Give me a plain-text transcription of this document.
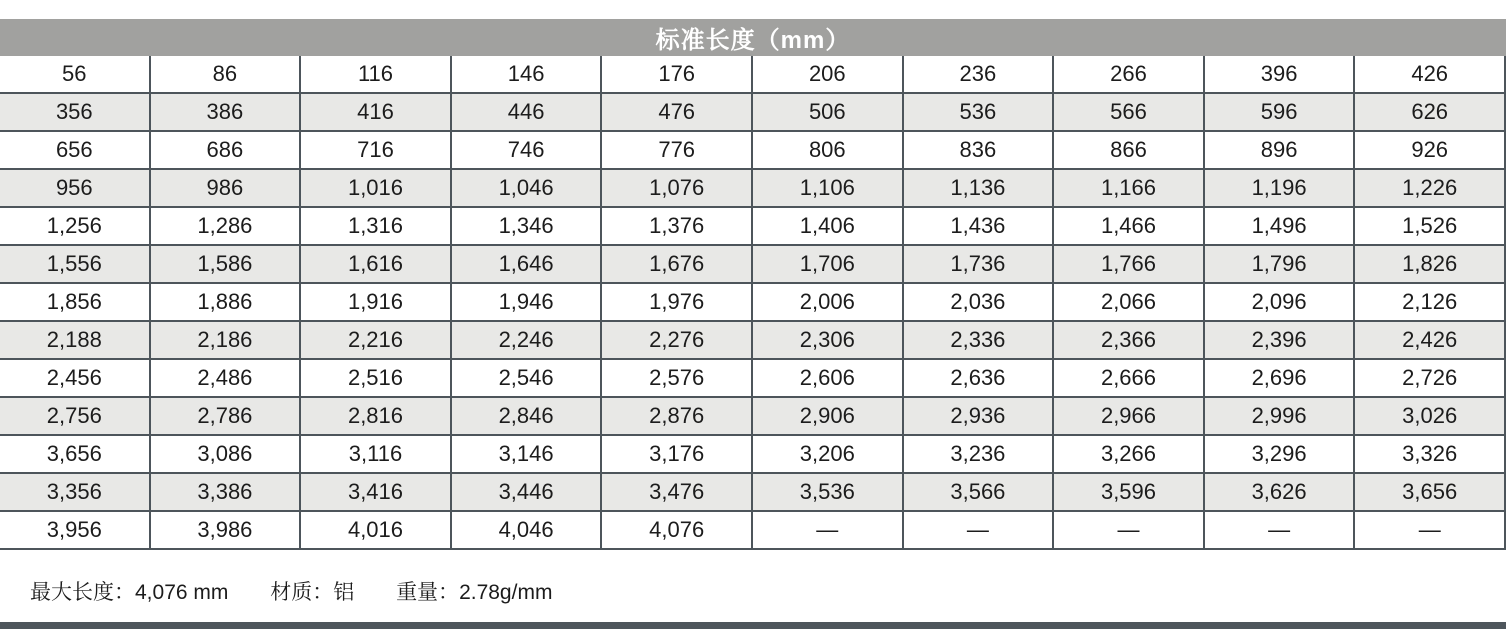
标准长度（mm）
56	86	116	146	176	206	236	266	396	426
356	386	416	446	476	506	536	566	596	626
656	686	716	746	776	806	836	866	896	926
956	986	1,016	1,046	1,076	1,106	1,136	1,166	1,196	1,226
1,256	1,286	1,316	1,346	1,376	1,406	1,436	1,466	1,496	1,526
1,556	1,586	1,616	1,646	1,676	1,706	1,736	1,766	1,796	1,826
1,856	1,886	1,916	1,946	1,976	2,006	2,036	2,066	2,096	2,126
2,188	2,186	2,216	2,246	2,276	2,306	2,336	2,366	2,396	2,426
2,456	2,486	2,516	2,546	2,576	2,606	2,636	2,666	2,696	2,726
2,756	2,786	2,816	2,846	2,876	2,906	2,936	2,966	2,996	3,026
3,656	3,086	3,116	3,146	3,176	3,206	3,236	3,266	3,296	3,326
3,356	3,386	3,416	3,446	3,476	3,536	3,566	3,596	3,626	3,656
3,956	3,986	4,016	4,046	4,076	—	—	—	—	—
最大长度：4,076 mm 材质：铝 重量：2.78g/mm
